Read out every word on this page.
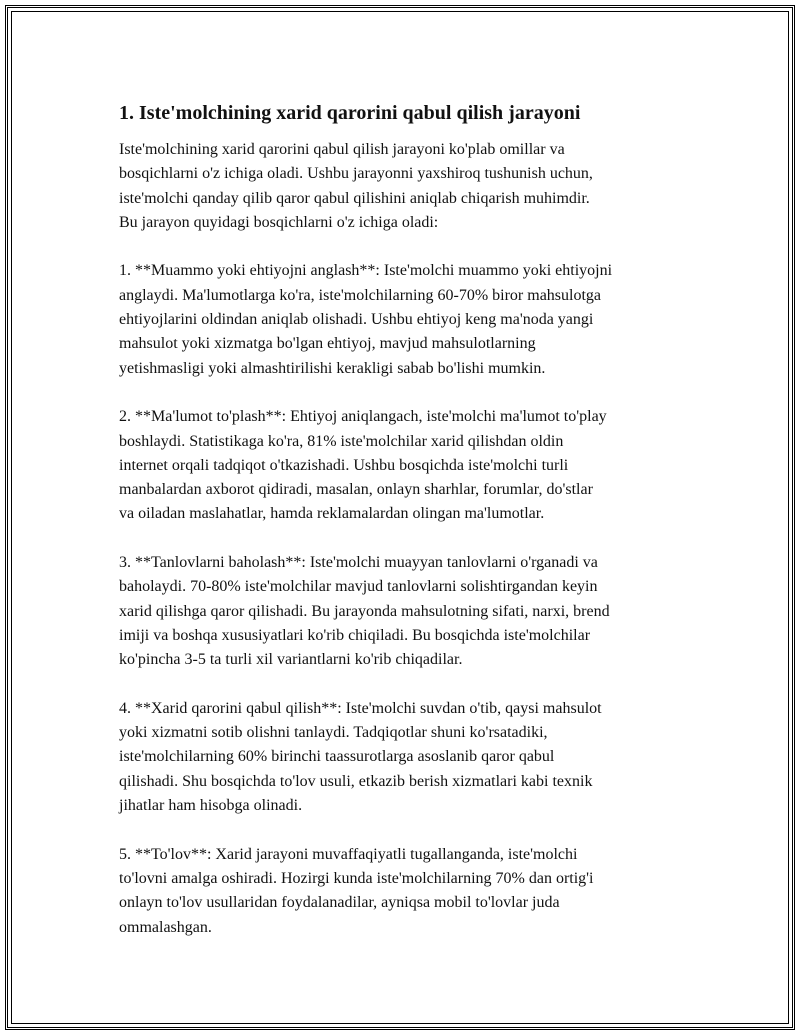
1. Iste'molchining xarid qarorini qabul qilish jarayoni

Iste'molchining xarid qarorini qabul qilish jarayoni ko'plab omillar va
bosqichlarni o'z ichiga oladi. Ushbu jarayonni yaxshiroq tushunish uchun,
iste'molchi qanday qilib qaror qabul qilishini aniqlab chiqarish muhimdir.
Bu jarayon quyidagi bosqichlarni o'z ichiga oladi:

1. **Muammo yoki ehtiyojni anglash**: Iste'molchi muammo yoki ehtiyojni
anglaydi. Ma'lumotlarga ko'ra, iste'molchilarning 60-70% biror mahsulotga
ehtiyojlarini oldindan aniqlab olishadi. Ushbu ehtiyoj keng ma'noda yangi
mahsulot yoki xizmatga bo'lgan ehtiyoj, mavjud mahsulotlarning
yetishmasligi yoki almashtirilishi kerakligi sabab bo'lishi mumkin.

2. **Ma'lumot to'plash**: Ehtiyoj aniqlangach, iste'molchi ma'lumot to'play
boshlaydi. Statistikaga ko'ra, 81% iste'molchilar xarid qilishdan oldin
internet orqali tadqiqot o'tkazishadi. Ushbu bosqichda iste'molchi turli
manbalardan axborot qidiradi, masalan, onlayn sharhlar, forumlar, do'stlar
va oiladan maslahatlar, hamda reklamalardan olingan ma'lumotlar.

3. **Tanlovlarni baholash**: Iste'molchi muayyan tanlovlarni o'rganadi va
baholaydi. 70-80% iste'molchilar mavjud tanlovlarni solishtirgandan keyin
xarid qilishga qaror qilishadi. Bu jarayonda mahsulotning sifati, narxi, brend
imiji va boshqa xususiyatlari ko'rib chiqiladi. Bu bosqichda iste'molchilar
ko'pincha 3-5 ta turli xil variantlarni ko'rib chiqadilar.

4. **Xarid qarorini qabul qilish**: Iste'molchi suvdan o'tib, qaysi mahsulot
yoki xizmatni sotib olishni tanlaydi. Tadqiqotlar shuni ko'rsatadiki,
iste'molchilarning 60% birinchi taassurotlarga asoslanib qaror qabul
qilishadi. Shu bosqichda to'lov usuli, etkazib berish xizmatlari kabi texnik
jihatlar ham hisobga olinadi.

5. **To'lov**: Xarid jarayoni muvaffaqiyatli tugallanganda, iste'molchi
to'lovni amalga oshiradi. Hozirgi kunda iste'molchilarning 70% dan ortig'i
onlayn to'lov usullaridan foydalanadilar, ayniqsa mobil to'lovlar juda
ommalashgan.
